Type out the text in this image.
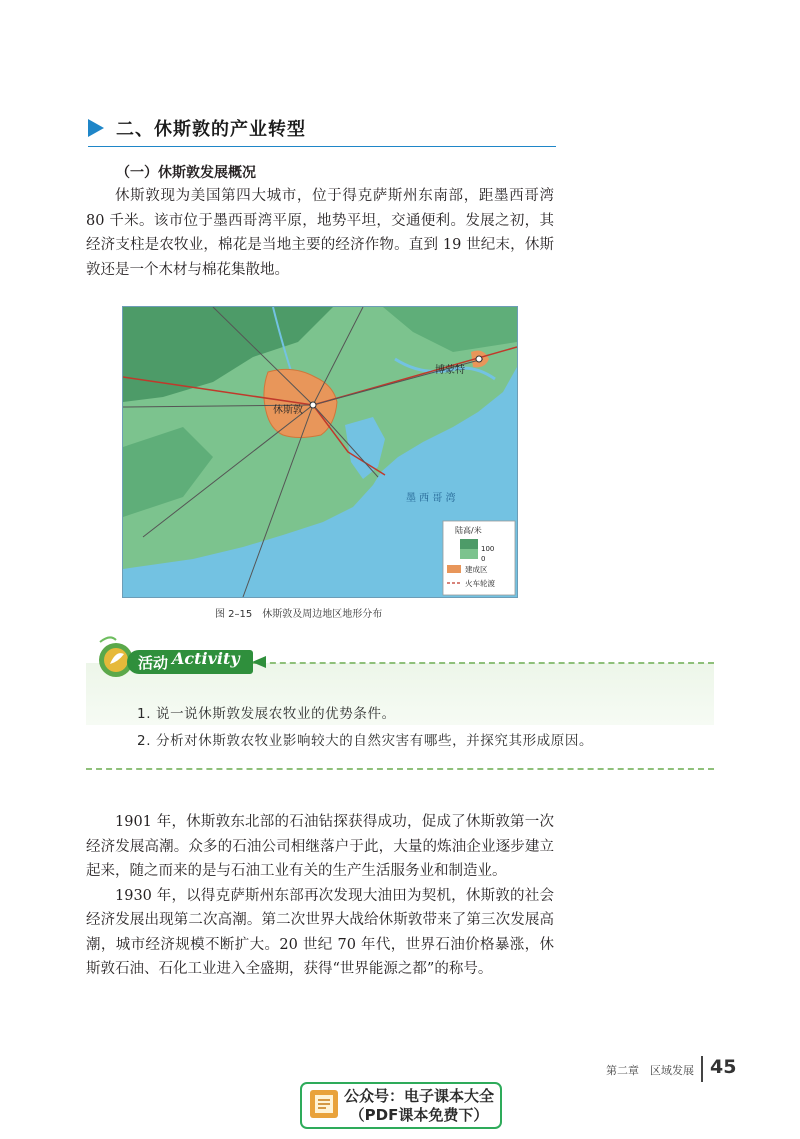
二、休斯敦的产业转型
（一）休斯敦发展概况

休斯敦现为美国第四大城市，位于得克萨斯州东南部，距墨西哥湾 80 千米。该市位于墨西哥湾平原，地势平坦，交通便利。发展之初，其经济支柱是农牧业，棉花是当地主要的经济作物。直到 19 世纪末，休斯敦还是一个木材与棉花集散地。

休斯敦
博蒙特
墨 西 哥 湾
陆高/米
100
0
建成区
火车轮渡
图 2–15　休斯敦及周边地区地形分布
活动 Activity
1. 说一说休斯敦发展农牧业的优势条件。
2. 分析对休斯敦农牧业影响较大的自然灾害有哪些，并探究其形成原因。

1901 年，休斯敦东北部的石油钻探获得成功，促成了休斯敦第一次经济发展高潮。众多的石油公司相继落户于此，大量的炼油企业逐步建立起来，随之而来的是与石油工业有关的生产生活服务业和制造业。

1930 年，以得克萨斯州东部再次发现大油田为契机，休斯敦的社会经济发展出现第二次高潮。第二次世界大战给休斯敦带来了第三次发展高潮，城市经济规模不断扩大。20 世纪 70 年代，世界石油价格暴涨，休斯敦石油、石化工业进入全盛期，获得“世界能源之都”的称号。

第二章　区域发展 45
公众号：电子课本大全
（PDF课本免费下）
